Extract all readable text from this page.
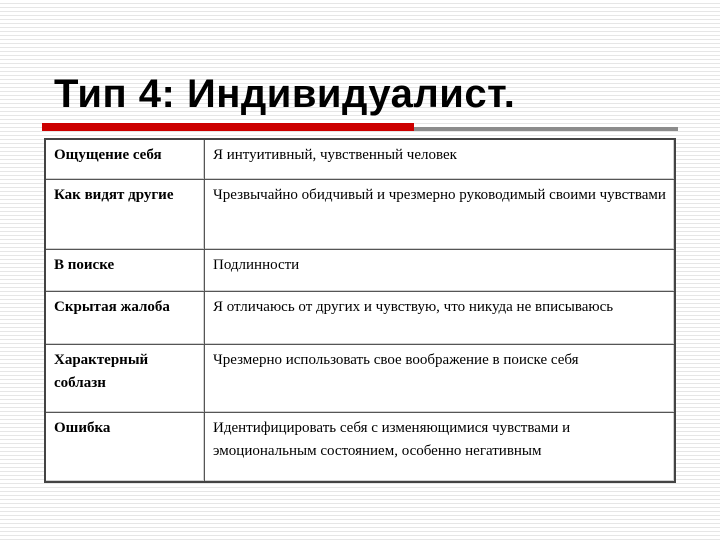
Тип 4: Индивидуалист.
Ощущение себя	Я интуитивный, чувственный человек
Как видят другие	Чрезвычайно обидчивый и чрезмерно руководимый своими чувствами
В поиске	Подлинности
Скрытая жалоба	Я отличаюсь от других и чувствую, что никуда не вписываюсь
Характерный соблазн	Чрезмерно использовать свое воображение в поиске себя
Ошибка	Идентифицировать себя с изменяющимися чувствами и эмоциональным состоянием, особенно негативным
